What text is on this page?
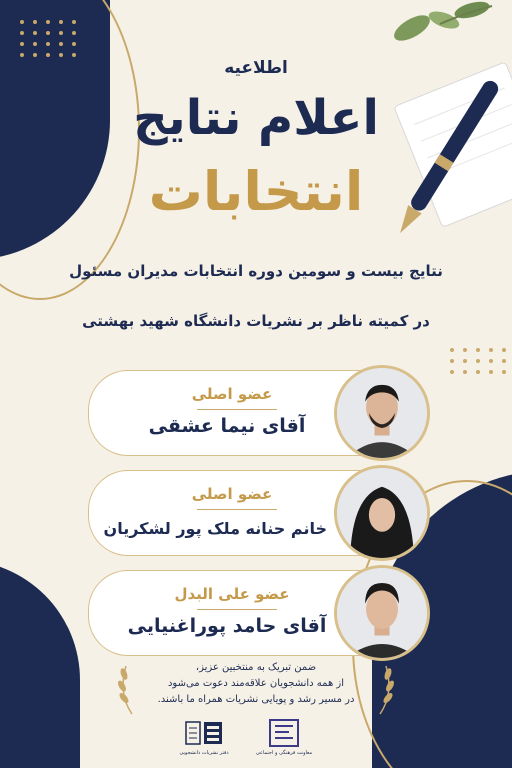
اطلاعیه
اعلام نتایج
انتخابات
نتایج بیست و سومین دوره انتخابات مدیران مسئول
در کمیته ناظر بر نشریات دانشگاه شهید بهشتی
عضو اصلی
آقای نیما عشقی
عضو اصلی
خانم حنانه ملک پور لشکریان
عضو علی البدل
آقای حامد پوراغنیایی
ضمن تبریک به منتخبین عزیز،
از همه دانشجویان علاقه‌مند دعوت می‌شود
در مسیر رشد و پویایی نشریات همراه ما باشند.
دفتر نشریات دانشجویی	معاونت فرهنگی و اجتماعی
